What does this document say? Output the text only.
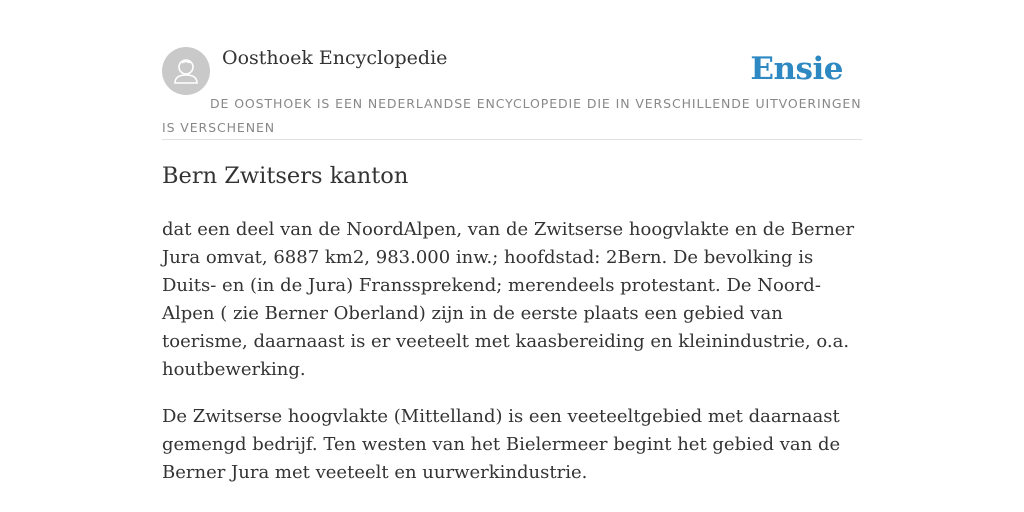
Oosthoek Encyclopedie	Ensie
DE OOSTHOEK IS EEN NEDERLANDSE ENCYCLOPEDIE DIE IN VERSCHILLENDE UITVOERINGEN IS VERSCHENEN
Bern Zwitsers kanton

dat een deel van de NoordAlpen, van de Zwitserse hoogvlakte en de Berner Jura omvat, 6887 km2, 983.000 inw.; hoofdstad: 2Bern. De bevolking is Duits- en (in de Jura) Franssprekend; merendeels protestant. De Noord-Alpen ( zie Berner Oberland) zijn in de eerste plaats een gebied van toerisme, daarnaast is er veeteelt met kaasbereiding en kleinindustrie, o.a. houtbewerking.

De Zwitserse hoogvlakte (Mittelland) is een veeteeltgebied met daarnaast gemengd bedrijf. Ten westen van het Bielermeer begint het gebied van de Berner Jura met veeteelt en uurwerkindustrie.
